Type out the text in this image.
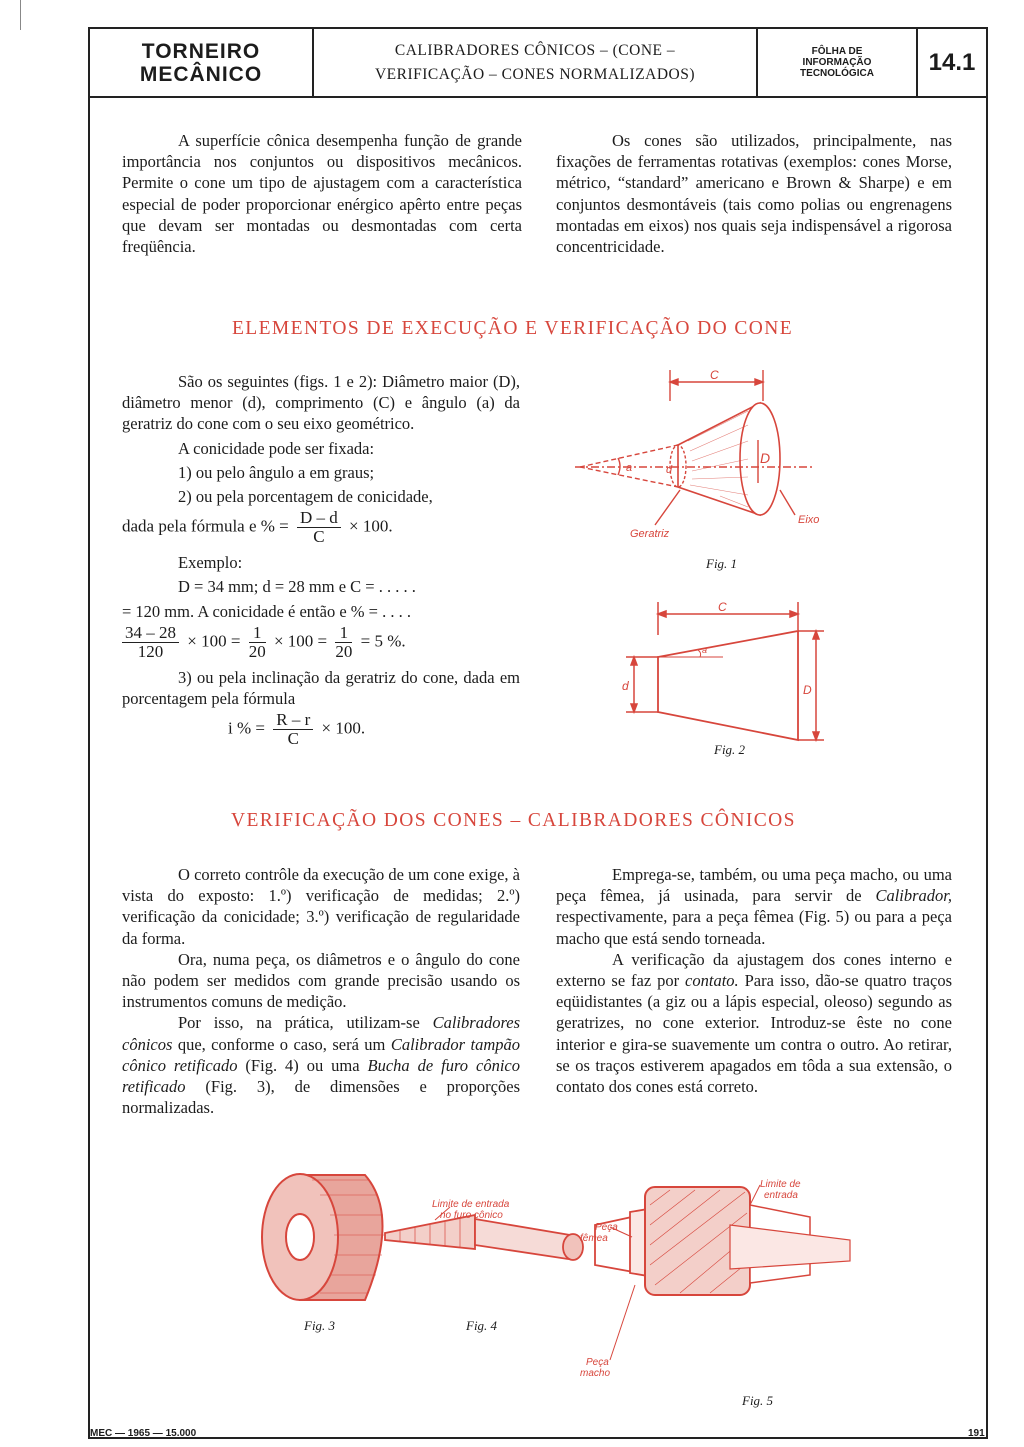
TORNEIRO
MECÂNICO
CALIBRADORES CÔNICOS – (CONE –
VERIFICAÇÃO – CONES NORMALIZADOS)
FÔLHA DE
INFORMAÇÃO
TECNOLÓGICA	14.1

A superfície cônica desempenha função de grande importância nos conjuntos ou dispositivos mecânicos. Permite o cone um tipo de ajustagem com a característica especial de poder proporcionar enérgico apêrto entre peças que devam ser montadas ou desmontadas com certa freqüência.

Os cones são utilizados, principalmente, nas fixações de ferramentas rotativas (exemplos: cones Morse, métrico, “standard” americano e Brown & Sharpe) e em conjuntos desmontáveis (tais como polias ou engrenagens montadas em eixos) nos quais seja indispensável a rigorosa concentricidade.

ELEMENTOS DE EXECUÇÃO E VERIFICAÇÃO DO CONE

São os seguintes (figs. 1 e 2): Diâmetro maior (D), diâmetro menor (d), comprimento (C) e ângulo (a) da geratriz do cone com o seu eixo geométrico.

A conicidade pode ser fixada:

1) ou pelo ângulo a em graus;

2) ou pela porcentagem de conicidade,

dada pela fórmula e % = $\frac{D - d}{C} \times 100$.

Exemplo:

D = 34 mm; d = 28 mm e C = . . . . .

= 120 mm. A conicidade é então e % = . . . .

$\frac{34 - 28}{120} \times 100 = \frac{1}{20} \times 100 = \frac{1}{20} = 5$ %.

3) ou pela inclinação da geratriz do cone, dada em porcentagem pela fórmula

i % = $\frac{R - r}{C} \times 100$.
C
D
d
a
Geratriz
Eixo
Fig. 1
C
d	D
a
Fig. 2
VERIFICAÇÃO DOS CONES – CALIBRADORES CÔNICOS

O correto contrôle da execução de um cone exige, à vista do exposto: 1.º) verificação de medidas; 2.º) verificação da conicidade; 3.º) verificação de regularidade da forma.

Ora, numa peça, os diâmetros e o ângulo do cone não podem ser medidos com grande precisão usando os instrumentos comuns de medição.

Por isso, na prática, utilizam-se Calibradores cônicos que, conforme o caso, será um Calibrador tampão cônico retificado (Fig. 4) ou uma Bucha de furo cônico retificado (Fig. 3), de dimensões e proporções normalizadas.

Emprega-se, também, ou uma peça macho, ou uma peça fêmea, já usinada, para servir de Calibrador, respectivamente, para a peça fêmea (Fig. 5) ou para a peça macho que está sendo torneada.

A verificação da ajustagem dos cones interno e externo se faz por contato. Para isso, dão-se quatro traços eqüidistantes (a giz ou a lápis especial, oleoso) segundo as geratrizes, no cone exterior. Introduz-se êste no cone interior e gira-se suavemente um contra o outro. Ao retirar, se os traços estiverem apagados em tôda a sua extensão, o contato dos cones está correto.

Limite de entrada
no furo cônico
Peça
fêmea
Limite de
entrada
Peça
macho
Fig. 3	Fig. 4
Fig. 5
MEC — 1965 — 15.000	191
